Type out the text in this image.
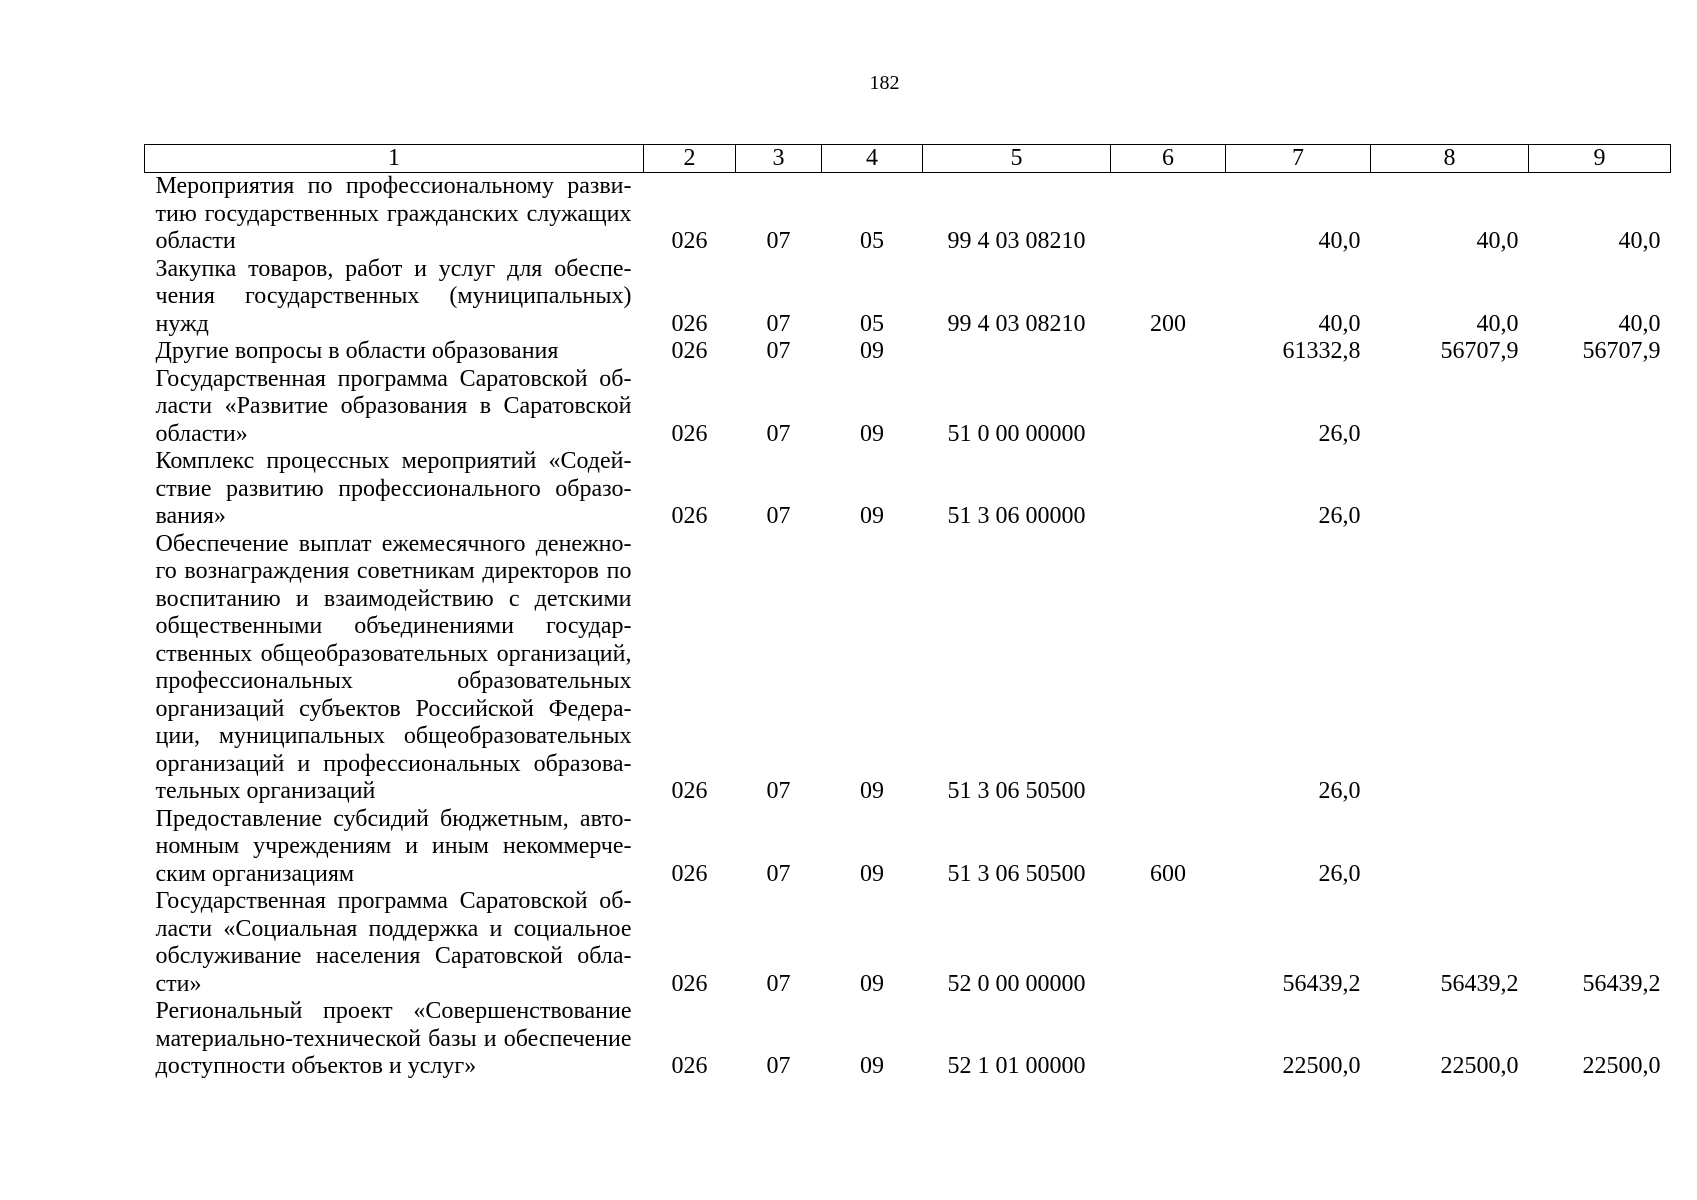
182
1	2	3	4	5	6	7	8	9
Мероприятия по профессиональному развитию государственных гражданских служащих области	026	07	05	99 4 03 08210		40,0	40,0	40,0
Закупка товаров, работ и услуг для обеспечения государственных (муниципальных) нужд	026	07	05	99 4 03 08210	200	40,0	40,0	40,0
Другие вопросы в области образования	026	07	09			61332,8	56707,9	56707,9
Государственная программа Саратовской области «Развитие образования в Саратовской области»	026	07	09	51 0 00 00000		26,0		
Комплекс процессных мероприятий «Содействие развитию профессионального образования»	026	07	09	51 3 06 00000		26,0		
Обеспечение выплат ежемесячного денежного вознаграждения советникам директоров по воспитанию и взаимодействию с детскими общественными объединениями государственных общеобразовательных организаций, профессиональных образовательных организаций субъектов Российской Федерации, муниципальных общеобразовательных организаций и профессиональных образовательных организаций	026	07	09	51 3 06 50500		26,0		
Предоставление субсидий бюджетным, автономным учреждениям и иным некоммерческим организациям	026	07	09	51 3 06 50500	600	26,0		
Государственная программа Саратовской области «Социальная поддержка и социальное обслуживание населения Саратовской области»	026	07	09	52 0 00 00000		56439,2	56439,2	56439,2
Региональный проект «Совершенствование материально-технической базы и обеспечение доступности объектов и услуг»	026	07	09	52 1 01 00000		22500,0	22500,0	22500,0
